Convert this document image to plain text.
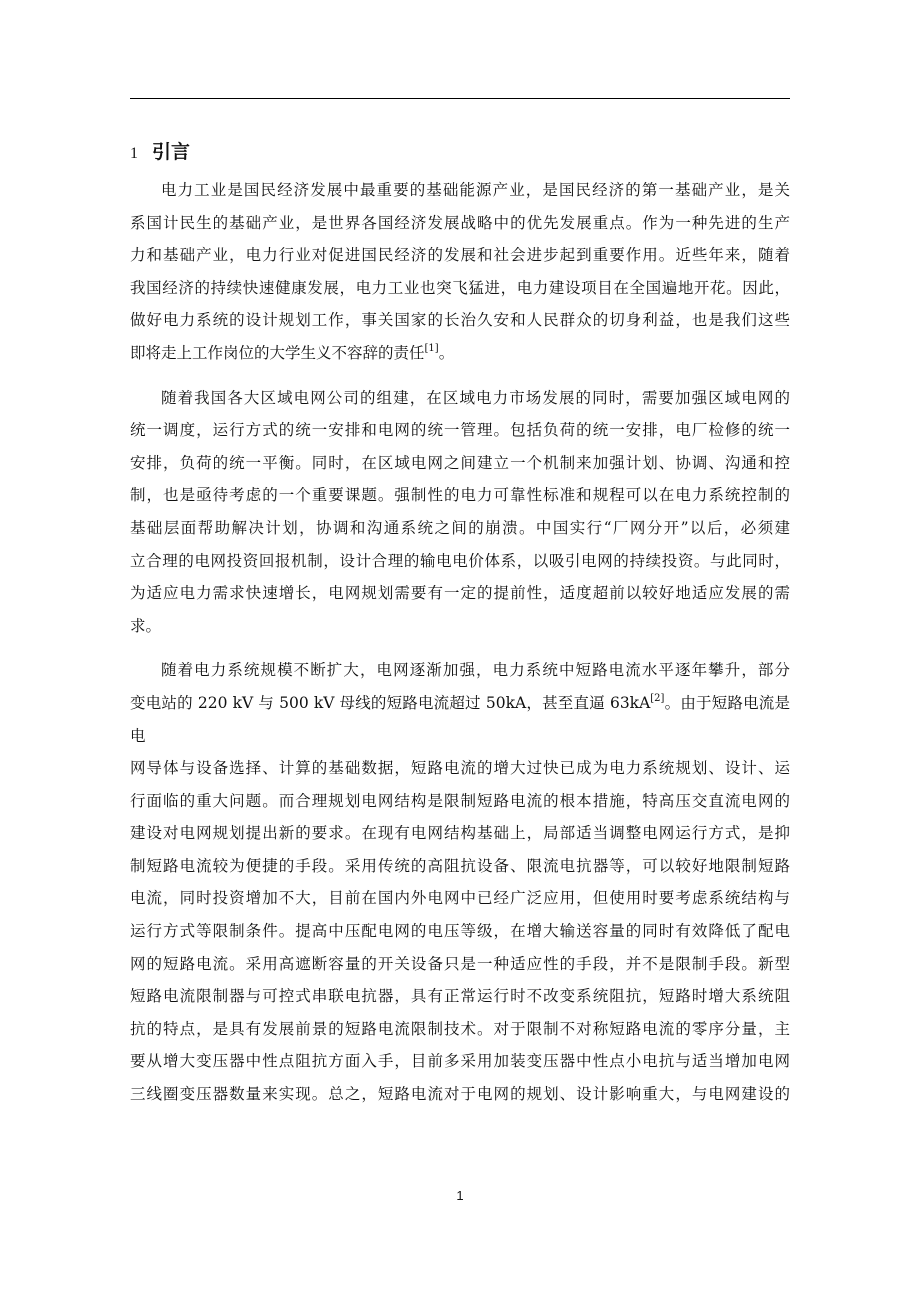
1 引言
电力工业是国民经济发展中最重要的基础能源产业，是国民经济的第一基础产业，是关
系国计民生的基础产业，是世界各国经济发展战略中的优先发展重点。作为一种先进的生产
力和基础产业，电力行业对促进国民经济的发展和社会进步起到重要作用。近些年来，随着
我国经济的持续快速健康发展，电力工业也突飞猛进，电力建设项目在全国遍地开花。因此，
做好电力系统的设计规划工作，事关国家的长治久安和人民群众的切身利益，也是我们这些
即将走上工作岗位的大学生义不容辞的责任[1]。
随着我国各大区域电网公司的组建，在区域电力市场发展的同时，需要加强区域电网的
统一调度，运行方式的统一安排和电网的统一管理。包括负荷的统一安排，电厂检修的统一
安排，负荷的统一平衡。同时，在区域电网之间建立一个机制来加强计划、协调、沟通和控
制，也是亟待考虑的一个重要课题。强制性的电力可靠性标准和规程可以在电力系统控制的
基础层面帮助解决计划，协调和沟通系统之间的崩溃。中国实行“厂网分开”以后，必须建
立合理的电网投资回报机制，设计合理的输电电价体系，以吸引电网的持续投资。与此同时，
为适应电力需求快速增长，电网规划需要有一定的提前性，适度超前以较好地适应发展的需
求。
随着电力系统规模不断扩大，电网逐渐加强，电力系统中短路电流水平逐年攀升，部分
变电站的 220 kV 与 500 kV 母线的短路电流超过 50kA，甚至直逼 63kA[2]。由于短路电流是电
网导体与设备选择、计算的基础数据，短路电流的增大过快已成为电力系统规划、设计、运
行面临的重大问题。而合理规划电网结构是限制短路电流的根本措施，特高压交直流电网的
建设对电网规划提出新的要求。在现有电网结构基础上，局部适当调整电网运行方式，是抑
制短路电流较为便捷的手段。采用传统的高阻抗设备、限流电抗器等，可以较好地限制短路
电流，同时投资增加不大，目前在国内外电网中已经广泛应用，但使用时要考虑系统结构与
运行方式等限制条件。提高中压配电网的电压等级，在增大输送容量的同时有效降低了配电
网的短路电流。采用高遮断容量的开关设备只是一种适应性的手段，并不是限制手段。新型
短路电流限制器与可控式串联电抗器，具有正常运行时不改变系统阻抗，短路时增大系统阻
抗的特点，是具有发展前景的短路电流限制技术。对于限制不对称短路电流的零序分量，主
要从增大变压器中性点阻抗方面入手，目前多采用加装变压器中性点小电抗与适当增加电网
三线圈变压器数量来实现。总之，短路电流对于电网的规划、设计影响重大，与电网建设的
1
